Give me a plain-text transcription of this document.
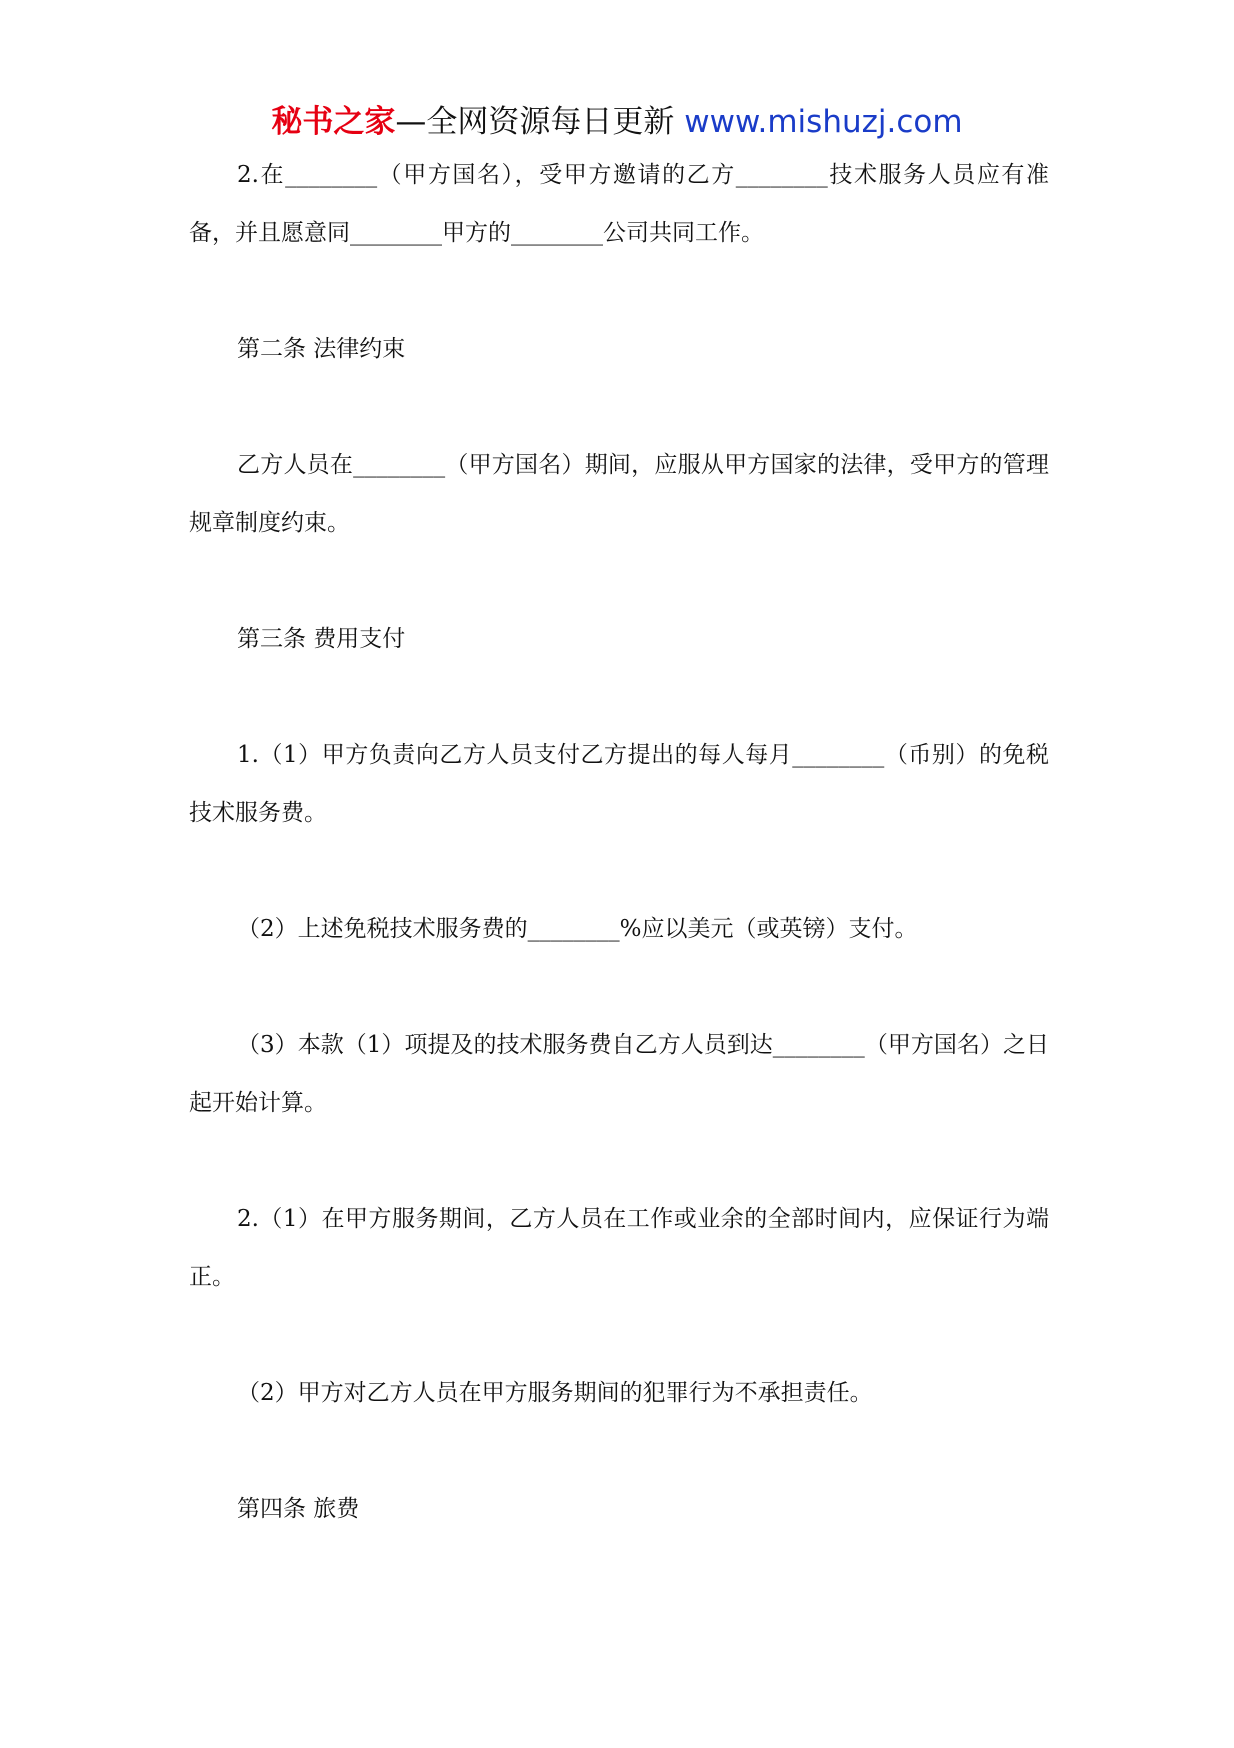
秘书之家—全网资源每日更新 www.mishuzj.com

2.在________（甲方国名），受甲方邀请的乙方________技术服务人员应有准备，并且愿意同________甲方的________公司共同工作。

第二条 法律约束

乙方人员在________（甲方国名）期间，应服从甲方国家的法律，受甲方的管理规章制度约束。

第三条 费用支付

1.（1）甲方负责向乙方人员支付乙方提出的每人每月________（币别）的免税技术服务费。

（2）上述免税技术服务费的________%应以美元（或英镑）支付。

（3）本款（1）项提及的技术服务费自乙方人员到达________（甲方国名）之日起开始计算。

2.（1）在甲方服务期间，乙方人员在工作或业余的全部时间内，应保证行为端正。

（2）甲方对乙方人员在甲方服务期间的犯罪行为不承担责任。

第四条 旅费
